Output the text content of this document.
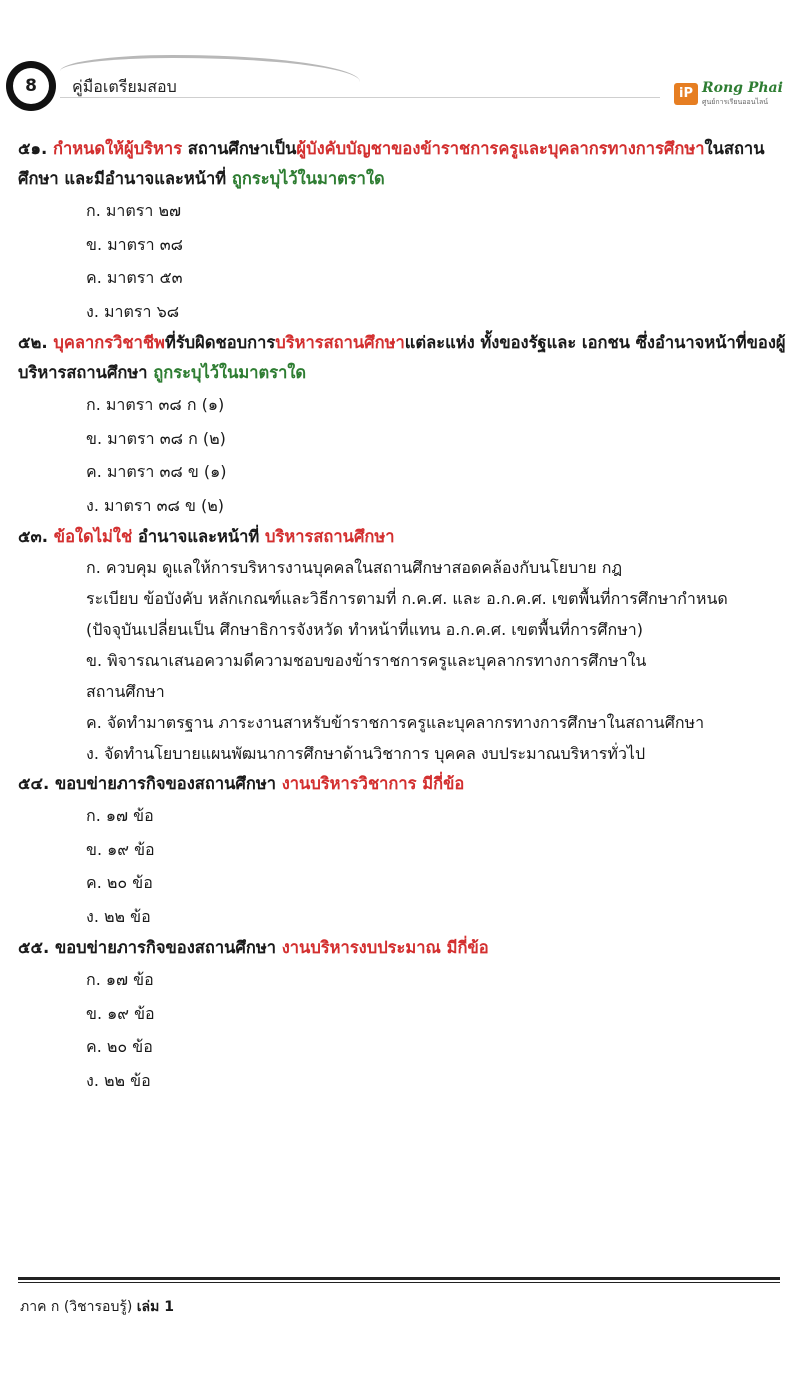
8	คู่มือเตรียมสอบ	iP Rong Phai
ศูนย์การเรียนออนไลน์

๕๑. กำหนดให้ผู้บริหาร สถานศึกษาเป็นผู้บังคับบัญชาของข้าราชการครูและบุคลากรทางการศึกษาในสถานศึกษา และมีอำนาจและหน้าที่ ถูกระบุไว้ในมาตราใด

ก. มาตรา ๒๗

ข. มาตรา ๓๘

ค. มาตรา ๕๓

ง. มาตรา ๖๘

๕๒. บุคลากรวิชาชีพที่รับผิดชอบการบริหารสถานศึกษาแต่ละแห่ง ทั้งของรัฐและ เอกชน ซึ่งอำนาจหน้าที่ของผู้บริหารสถานศึกษา ถูกระบุไว้ในมาตราใด

ก. มาตรา ๓๘ ก (๑)

ข. มาตรา ๓๘ ก (๒)

ค. มาตรา ๓๘ ข (๑)

ง. มาตรา ๓๘ ข (๒)

๕๓. ข้อใดไม่ใช่ อำนาจและหน้าที่ บริหารสถานศึกษา

ก. ควบคุม ดูแลให้การบริหารงานบุคคลในสถานศึกษาสอดคล้องกับนโยบาย กฎ

ระเบียบ ข้อบังคับ หลักเกณฑ์และวิธีการตามที่ ก.ค.ศ. และ อ.ก.ค.ศ. เขตพื้นที่การศึกษากำหนด

(ปัจจุบันเปลี่ยนเป็น ศึกษาธิการจังหวัด ทำหน้าที่แทน อ.ก.ค.ศ. เขตพื้นที่การศึกษา)

ข. พิจารณาเสนอความดีความชอบของข้าราชการครูและบุคลากรทางการศึกษาใน

สถานศึกษา

ค. จัดทำมาตรฐาน ภาระงานสาหรับข้าราชการครูและบุคลากรทางการศึกษาในสถานศึกษา

ง. จัดทำนโยบายแผนพัฒนาการศึกษาด้านวิชาการ บุคคล งบประมาณบริหารทั่วไป

๕๔. ขอบข่ายภารกิจของสถานศึกษา งานบริหารวิชาการ มีกี่ข้อ

ก. ๑๗ ข้อ

ข. ๑๙ ข้อ

ค. ๒๐ ข้อ

ง. ๒๒ ข้อ

๕๕. ขอบข่ายภารกิจของสถานศึกษา งานบริหารงบประมาณ มีกี่ข้อ

ก. ๑๗ ข้อ

ข. ๑๙ ข้อ

ค. ๒๐ ข้อ

ง. ๒๒ ข้อ

ภาค ก (วิชารอบรู้) เล่ม 1
